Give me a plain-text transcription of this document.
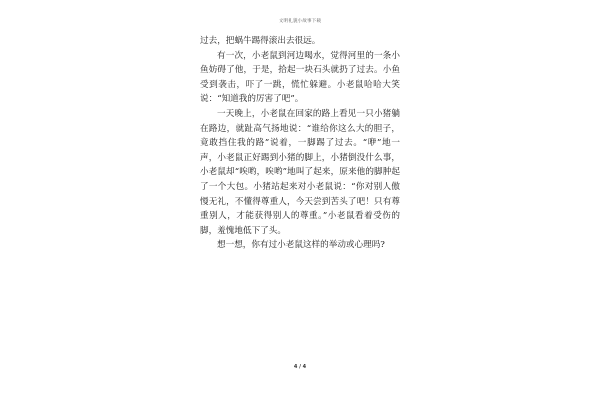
文明礼貌小故事下载

过去，把蜗牛踢得滚出去很远。

有一次，小老鼠到河边喝水，觉得河里的一条小鱼妨碍了他，于是，拾起一块石头就扔了过去。小鱼受到袭击，吓了一跳，慌忙躲避。小老鼠哈哈大笑说：“知道我的厉害了吧”。

一天晚上，小老鼠在回家的路上看见一只小猪躺在路边，就趾高气扬地说：“谁给你这么大的胆子，竟敢挡住我的路”说着，一脚踢了过去。“咿”地一声，小老鼠正好踢到小猪的脚上，小猪倒没什么事，小老鼠却“唉哟，唉哟”地叫了起来，原来他的脚肿起了一个大包。小猪站起来对小老鼠说：“你对别人傲慢无礼，不懂得尊重人，今天尝到苦头了吧！只有尊重别人，才能获得别人的尊重。”小老鼠看着受伤的脚，羞愧地低下了头。

想一想，你有过小老鼠这样的举动或心理吗?

4 / 4
